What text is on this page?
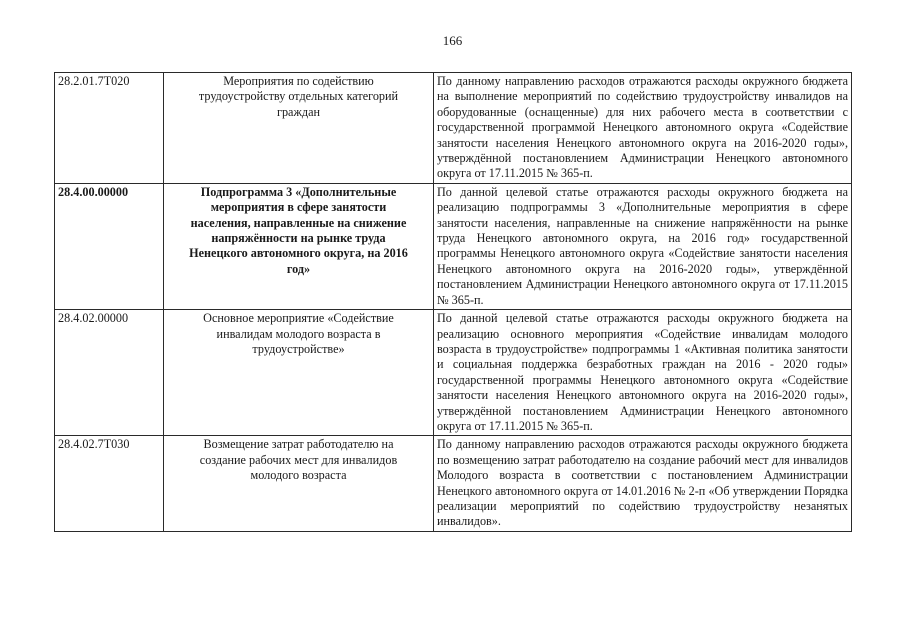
166
28.2.01.7Т020	Мероприятия по содействию трудоустройству отдельных категорий граждан	По данному направлению расходов отражаются расходы окружного бюджета на выполнение мероприятий по содействию трудоустройству инвалидов на оборудованные (оснащенные) для них рабочего места в соответствии с государственной программой Ненецкого автономного округа «Содействие занятости населения Ненецкого автономного округа на 2016-2020 годы», утверждённой постановлением Администрации Ненецкого автономного округа от 17.11.2015 № 365-п.
28.4.00.00000	Подпрограмма 3 «Дополнительные мероприятия в сфере занятости населения, направленные на снижение напряжённости на рынке труда Ненецкого автономного округа, на 2016 год»	По данной целевой статье отражаются расходы окружного бюджета на реализацию подпрограммы 3 «Дополнительные мероприятия в сфере занятости населения, направленные на снижение напряжённости на рынке труда Ненецкого автономного округа, на 2016 год» государственной программы Ненецкого автономного округа «Содействие занятости населения Ненецкого автономного округа на 2016-2020 годы», утверждённой постановлением Администрации Ненецкого автономного округа от 17.11.2015 № 365-п.
28.4.02.00000	Основное мероприятие «Содействие инвалидам молодого возраста в трудоустройстве»	По данной целевой статье отражаются расходы окружного бюджета на реализацию основного мероприятия «Содействие инвалидам молодого возраста в трудоустройстве» подпрограммы 1 «Активная политика занятости и социальная поддержка безработных граждан на 2016 - 2020 годы» государственной программы Ненецкого автономного округа «Содействие занятости населения Ненецкого автономного округа на 2016-2020 годы», утверждённой постановлением Администрации Ненецкого автономного округа от 17.11.2015 № 365-п.
28.4.02.7Т030	Возмещение затрат работодателю на создание рабочих мест для инвалидов молодого возраста	По данному направлению расходов отражаются расходы окружного бюджета по возмещению затрат работодателю на создание рабочий мест для инвалидов Молодого возраста в соответствии с постановлением Администрации Ненецкого автономного округа от 14.01.2016 № 2-п «Об утверждении Порядка реализации мероприятий по содействию трудоустройству незанятых инвалидов».
